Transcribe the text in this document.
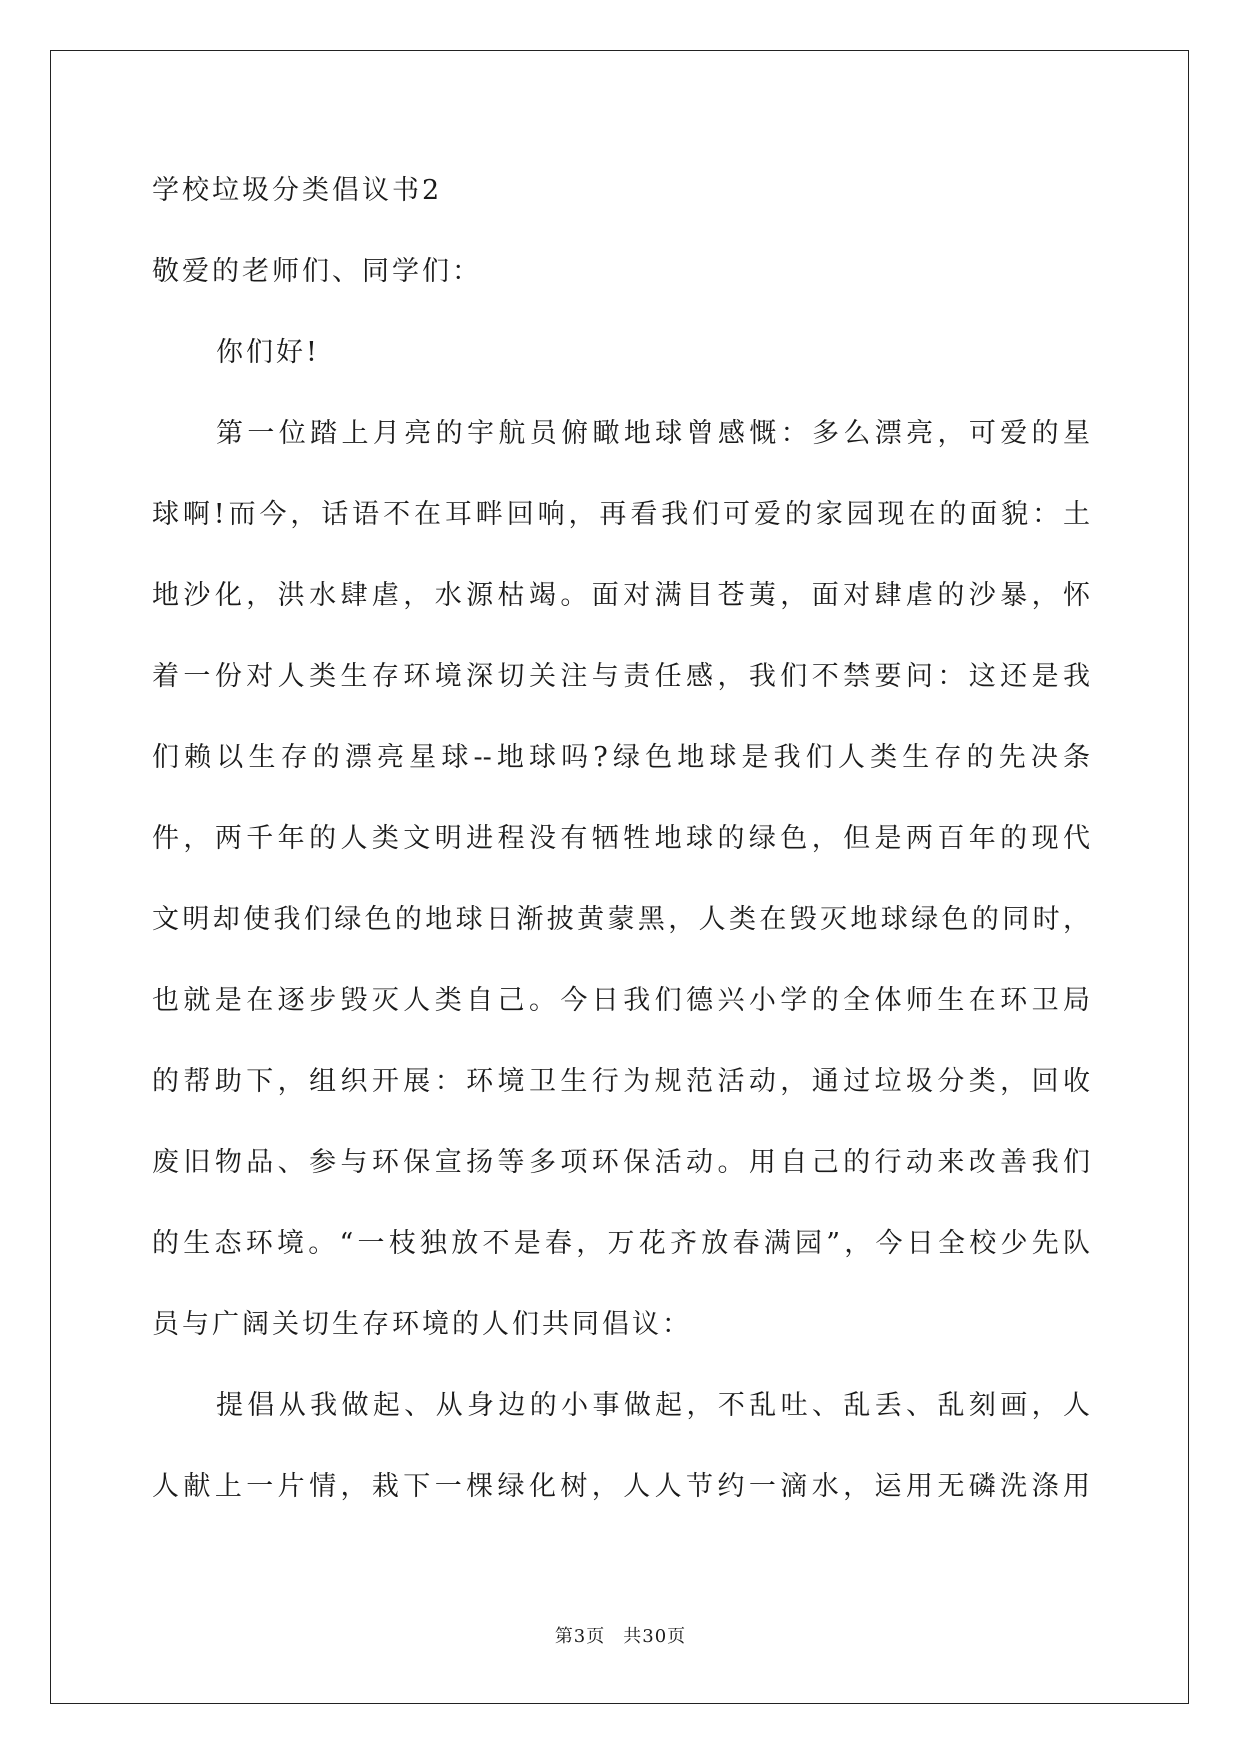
学校垃圾分类倡议书2
敬爱的老师们、同学们：
你们好!
第一位踏上月亮的宇航员俯瞰地球曾感慨：多么漂亮，可爱的星
球啊!而今，话语不在耳畔回响，再看我们可爱的家园现在的面貌：土
地沙化，洪水肆虐，水源枯竭。面对满目苍荑，面对肆虐的沙暴，怀
着一份对人类生存环境深切关注与责任感，我们不禁要问：这还是我
们赖以生存的漂亮星球--地球吗?绿色地球是我们人类生存的先决条
件，两千年的人类文明进程没有牺牲地球的绿色，但是两百年的现代
文明却使我们绿色的地球日渐披黄蒙黑，人类在毁灭地球绿色的同时，
也就是在逐步毁灭人类自己。今日我们德兴小学的全体师生在环卫局
的帮助下，组织开展：环境卫生行为规范活动，通过垃圾分类，回收
废旧物品、参与环保宣扬等多项环保活动。用自己的行动来改善我们
的生态环境。“一枝独放不是春，万花齐放春满园”，今日全校少先队
员与广阔关切生存环境的人们共同倡议：
提倡从我做起、从身边的小事做起，不乱吐、乱丢、乱刻画，人
人献上一片情，栽下一棵绿化树，人人节约一滴水，运用无磷洗涤用
第3页 共30页
